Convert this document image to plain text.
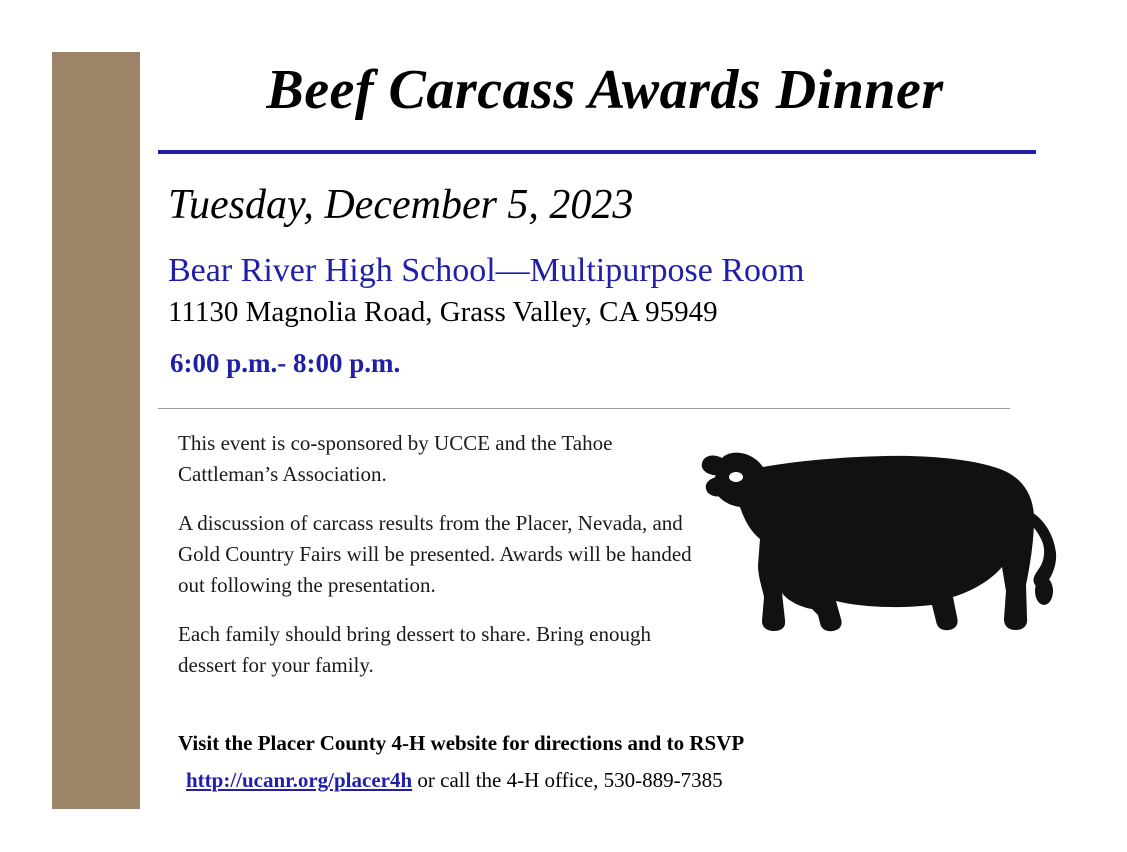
Beef Carcass Awards Dinner
Tuesday, December 5, 2023
Bear River High School—Multipurpose Room
11130 Magnolia Road, Grass Valley, CA 95949
6:00 p.m.- 8:00 p.m.

This event is co-sponsored by UCCE and the Tahoe Cattleman’s Association.

A discussion of carcass results from the Placer, Nevada, and Gold Country Fairs will be presented. Awards will be handed out following the presentation.

Each family should bring dessert to share. Bring enough dessert for your family.

Visit the Placer County 4-H website for directions and to RSVP
http://ucanr.org/placer4h or call the 4-H office, 530-889-7385
